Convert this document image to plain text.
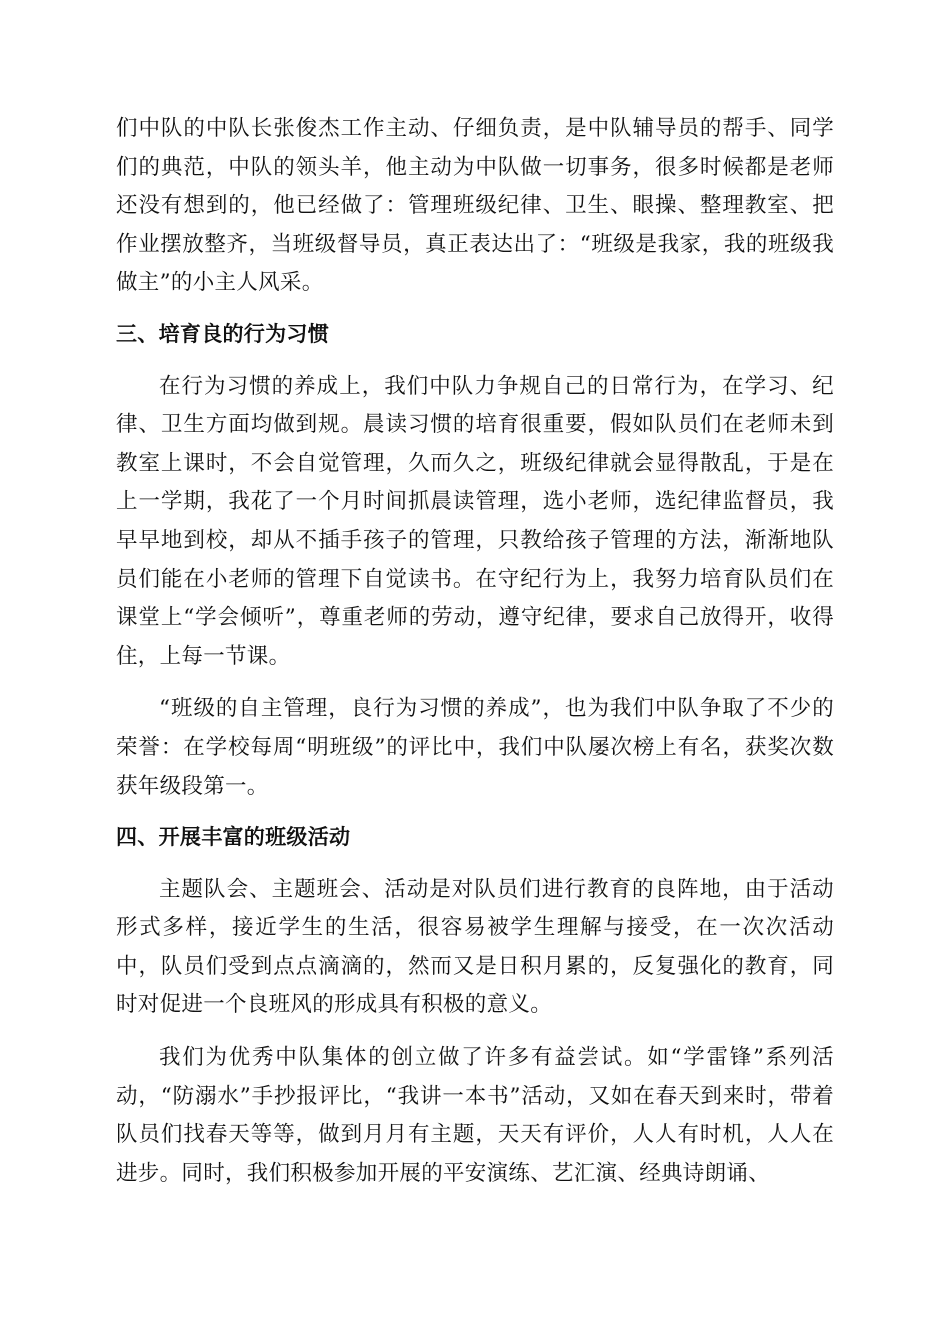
们中队的中队长张俊杰工作主动、仔细负责，是中队辅导员的帮手、同学们的典范，中队的领头羊，他主动为中队做一切事务，很多时候都是老师还没有想到的，他已经做了：管理班级纪律、卫生、眼操、整理教室、把作业摆放整齐，当班级督导员，真正表达出了：“班级是我家，我的班级我做主”的小主人风采。

三、培育良的行为习惯

在行为习惯的养成上，我们中队力争规自己的日常行为，在学习、纪律、卫生方面均做到规。晨读习惯的培育很重要，假如队员们在老师未到教室上课时，不会自觉管理，久而久之，班级纪律就会显得散乱，于是在上一学期，我花了一个月时间抓晨读管理，选小老师，选纪律监督员，我早早地到校，却从不插手孩子的管理，只教给孩子管理的方法，渐渐地队员们能在小老师的管理下自觉读书。在守纪行为上，我努力培育队员们在课堂上“学会倾听”，尊重老师的劳动，遵守纪律，要求自己放得开，收得住，上每一节课。

“班级的自主管理，良行为习惯的养成”，也为我们中队争取了不少的荣誉：在学校每周“明班级”的评比中，我们中队屡次榜上有名，获奖次数获年级段第一。

四、开展丰富的班级活动

主题队会、主题班会、活动是对队员们进行教育的良阵地，由于活动形式多样，接近学生的生活，很容易被学生理解与接受，在一次次活动中，队员们受到点点滴滴的，然而又是日积月累的，反复强化的教育，同时对促进一个良班风的形成具有积极的意义。

我们为优秀中队集体的创立做了许多有益尝试。如“学雷锋”系列活动，“防溺水”手抄报评比，“我讲一本书”活动，又如在春天到来时，带着队员们找春天等等，做到月月有主题，天天有评价，人人有时机，人人在进步。同时，我们积极参加开展的平安演练、艺汇演、经典诗朗诵、
